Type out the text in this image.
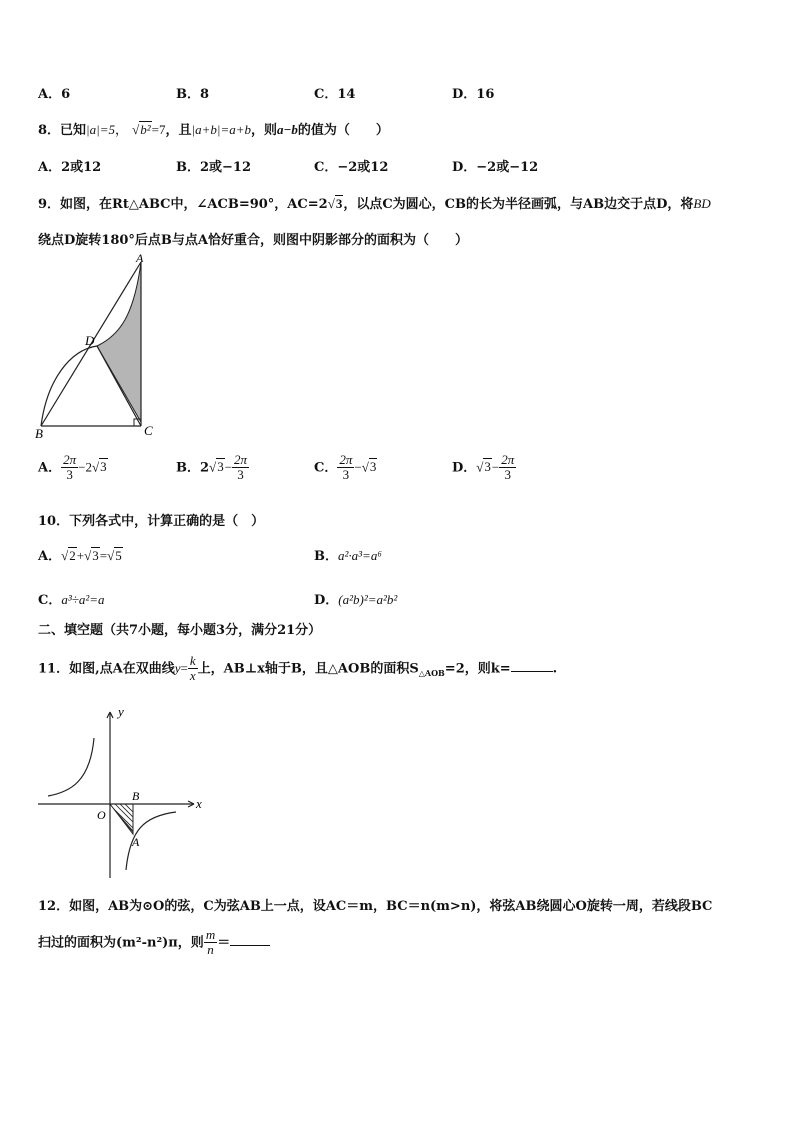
A．6	B．8	C．14	D．16
8．已知|a|=5， √b²=7，且|a+b|=a+b，则a−b的值为（　　）
A．2或12	B．2或−12	C．−2或12	D．−2或−12
9．如图，在Rt△ABC中，∠ACB=90°，AC=2√3，以点C为圆心，CB的长为半径画弧，与AB边交于点D，将BD
绕点D旋转180°后点B与点A恰好重合，则图中阴影部分的面积为（　　）
A
D
B	C
A． $\frac{2\pi}{3} -2√3$	B．$2√3- \frac{2\pi}{3}$	C． $\frac{2\pi}{3} -√3$	D．$√3- \frac{2\pi}{3}$
10．下列各式中，计算正确的是（　）
A．√2+√3=√5	B．a²·a³=a⁶
C．a³÷a²=a	D．(a²b)²=a²b²
二、填空题（共7小题，每小题3分，满分21分）
11．如图,点A在双曲线$y= \frac{k}{x}$ 上，AB⊥x轴于B，且△AOB的面积$S_{\triangle AOB}=2$，则k=	.
y
x
O
B
A
12．如图，AB为⊙O的弦，C为弦AB上一点，设AC＝m，BC＝n(m>n)，将弦AB绕圆心O旋转一周，若线段BC
扫过的面积为(m²-n²)π，则 $\frac{m}{n}$ ＝
